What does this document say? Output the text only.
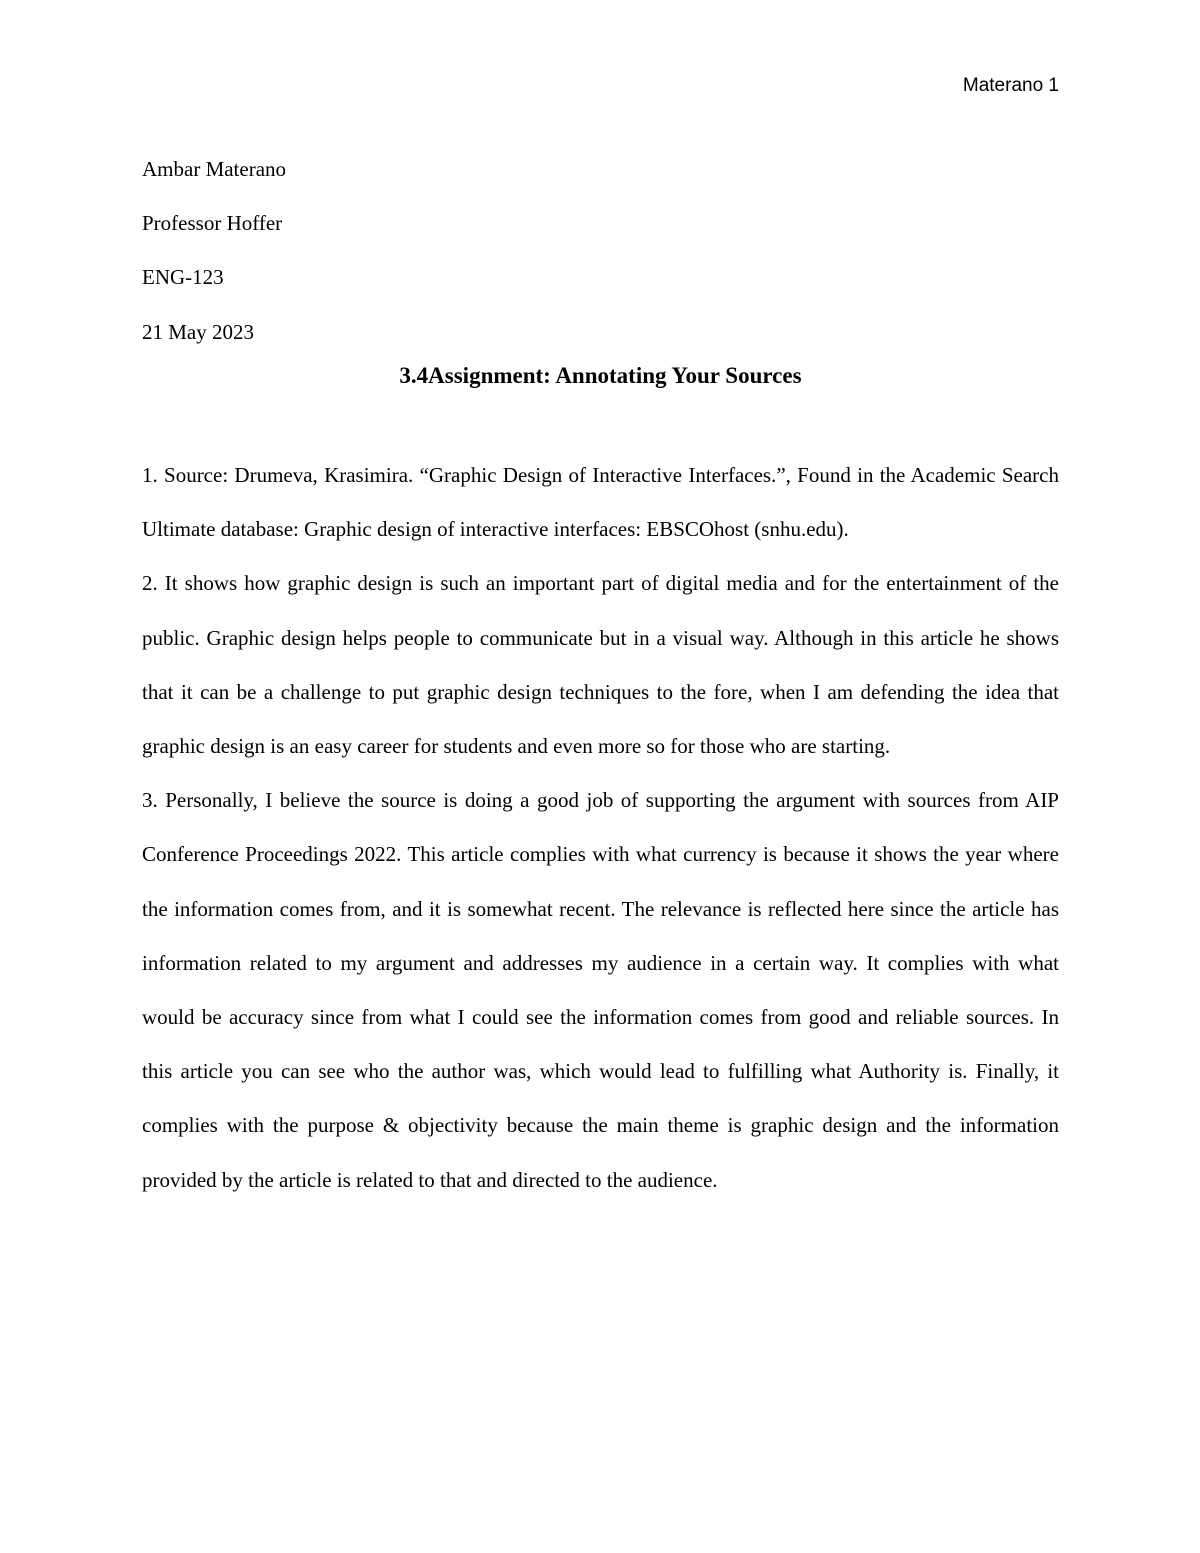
Materano 1
Ambar Materano
Professor Hoffer
ENG-123
21 May 2023
3.4Assignment: Annotating Your Sources

1. Source: Drumeva, Krasimira. “Graphic Design of Interactive Interfaces.”, Found in the Academic Search Ultimate database: Graphic design of interactive interfaces: EBSCOhost (snhu.edu).

2. It shows how graphic design is such an important part of digital media and for the entertainment of the public. Graphic design helps people to communicate but in a visual way. Although in this article he shows that it can be a challenge to put graphic design techniques to the fore, when I am defending the idea that graphic design is an easy career for students and even more so for those who are starting.

3. Personally, I believe the source is doing a good job of supporting the argument with sources from AIP Conference Proceedings 2022. This article complies with what currency is because it shows the year where the information comes from, and it is somewhat recent. The relevance is reflected here since the article has information related to my argument and addresses my audience in a certain way. It complies with what would be accuracy since from what I could see the information comes from good and reliable sources. In this article you can see who the author was, which would lead to fulfilling what Authority is. Finally, it complies with the purpose & objectivity because the main theme is graphic design and the information provided by the article is related to that and directed to the audience.
